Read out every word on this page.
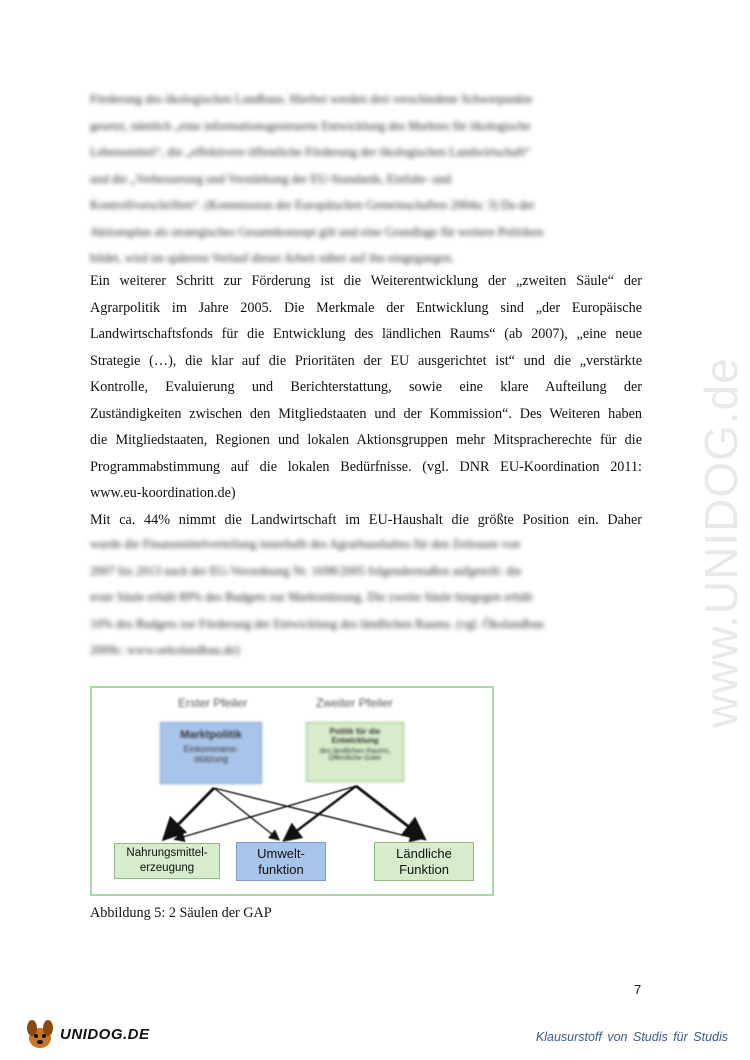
www.UNIDOG.de
Förderung des ökologischen Landbaus. Hierbei werden drei verschiedene Schwerpunkte
gesetzt, nämlich „eine informationsgesteuerte Entwicklung des Marktes für ökologische
Lebensmittel“, die „effektivere öffentliche Förderung der ökologischen Landwirtschaft“
und die „Verbesserung und Verstärkung der EU-Standards, Einfuhr- und
Kontrollvorschriften“. (Kommission der Europäischen Gemeinschaften 2004a: 3) Da der
Aktionsplan als strategisches Gesamtkonzept gilt und eine Grundlage für weitere Politiken
bildet, wird im späteren Verlauf dieser Arbeit näher auf ihn eingegangen.
Ein weiterer Schritt zur Förderung ist die Weiterentwicklung der „zweiten Säule“ der
Agrarpolitik im Jahre 2005. Die Merkmale der Entwicklung sind „der Europäische
Landwirtschaftsfonds für die Entwicklung des ländlichen Raums“ (ab 2007), „eine neue
Strategie (…), die klar auf die Prioritäten der EU ausgerichtet ist“ und die „verstärkte
Kontrolle, Evaluierung und Berichterstattung, sowie eine klare Aufteilung der
Zuständigkeiten zwischen den Mitgliedstaaten und der Kommission“. Des Weiteren haben
die Mitgliedstaaten, Regionen und lokalen Aktionsgruppen mehr Mitspracherechte für die
Programmabstimmung auf die lokalen Bedürfnisse. (vgl. DNR EU-Koordination 2011:
www.eu-koordination.de)
Mit ca. 44% nimmt die Landwirtschaft im EU-Haushalt die größte Position ein. Daher
wurde die Finanzmittelverteilung innerhalb des Agrarhaushaltes für den Zeitraum von
2007 bis 2013 nach der EG-Verordnung Nr. 1698/2005 folgendermaßen aufgeteilt: die
erste Säule erhält 89% des Budgets zur Marktstützung. Die zweite Säule hingegen erhält
10% des Budgets zur Förderung der Entwicklung des ländlichen Raums. (vgl. Ökolandbau
2009c: www.oekolandbau.de)
Erster Pfeiler	Zweiter Pfeiler
Marktpolitik
Einkommens-stützung
Politik für die Entwicklung
des ländlichen Raums, Öffentliche Güter
Nahrungsmittel-erzeugung
Umwelt-funktion
Ländliche Funktion
Abbildung 5: 2 Säulen der GAP
7
UNIDOG.DE	Klausurstoff von Studis für Studis
